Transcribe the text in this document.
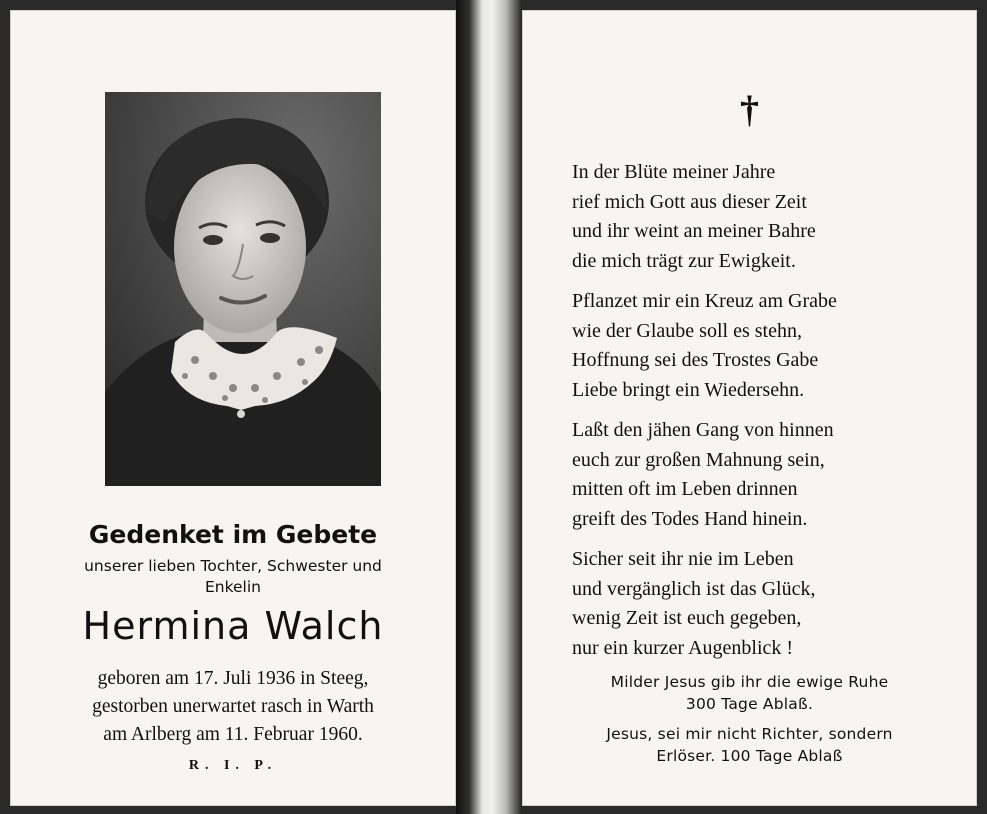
Gedenket im Gebete
unserer lieben Tochter, Schwester und
Enkelin
Hermina Walch
geboren am 17. Juli 1936 in Steeg,
gestorben unerwartet rasch in Warth
am Arlberg am 11. Februar 1960.
R. I. P.
†
In der Blüte meiner Jahre
rief mich Gott aus dieser Zeit
und ihr weint an meiner Bahre
die mich trägt zur Ewigkeit.
Pflanzet mir ein Kreuz am Grabe
wie der Glaube soll es stehn,
Hoffnung sei des Trostes Gabe
Liebe bringt ein Wiedersehn.
Laßt den jähen Gang von hinnen
euch zur großen Mahnung sein,
mitten oft im Leben drinnen
greift des Todes Hand hinein.
Sicher seit ihr nie im Leben
und vergänglich ist das Glück,
wenig Zeit ist euch gegeben,
nur ein kurzer Augenblick !
Milder Jesus gib ihr die ewige Ruhe
300 Tage Ablaß.
Jesus, sei mir nicht Richter, sondern
Erlöser. 100 Tage Ablaß
